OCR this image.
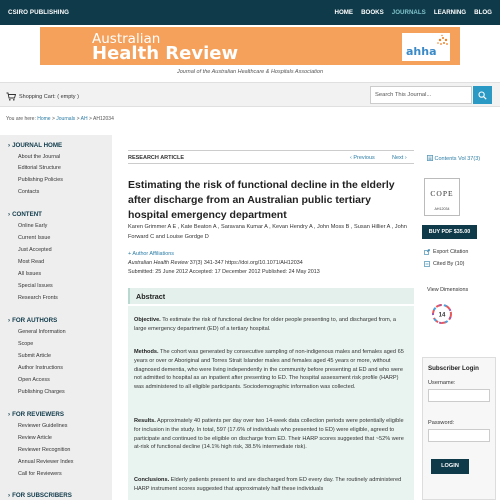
CSIRO PUBLISHING	HOME BOOKS JOURNALS LEARNING BLOG
Australian
Health Review	ahha
Journal of the Australian Healthcare & Hospitals Association
Shopping Cart: ( empty )	Search This Journal...
You are here: Home > Journals > AH > AH12034
› JOURNAL HOME
About the Journal
Editorial Structure
Publishing Policies
Contacts
› CONTENT
Online Early
Current Issue
Just Accepted
Most Read
All Issues
Special Issues
Research Fronts
› FOR AUTHORS
General Information
Scope
Submit Article
Author Instructions
Open Access
Publishing Charges
› FOR REVIEWERS
Reviewer Guidelines
Review Article
Reviewer Recognition
Annual Reviewer Index
Call for Reviewers
› FOR SUBSCRIBERS
RESEARCH ARTICLE	‹ Previous	Next ›	Contents Vol 37(3)
Estimating the risk of functional decline in the elderly after discharge from an Australian public tertiary hospital emergency department
Karen Grimmer A E , Kate Beaton A , Saravana Kumar A , Kevan Hendry A , John Moss B , Susan Hillier A , John Forward C and Louise Gordge D
+ Author Affiliations
Australian Health Review 37(3) 341-347 https://doi.org/10.1071/AH12034
Submitted: 25 June 2012 Accepted: 17 December 2012 Published: 24 May 2013
Abstract

Objective. To estimate the risk of functional decline for older people presenting to, and discharged from, a large emergency department (ED) of a tertiary hospital.

Methods. The cohort was generated by consecutive sampling of non-indigenous males and females aged 65 years or over or Aboriginal and Torres Strait Islander males and females aged 45 years or more, without diagnosed dementia, who were living independently in the community before presenting at ED and who were not admitted to hospital as an inpatient after presenting to ED. The hospital assessment risk profile (HARP) was administered to all eligible participants. Sociodemographic information was collected.

Results. Approximately 40 patients per day over two 14-week data collection periods were potentially eligible for inclusion in the study. In total, 597 (17.6% of individuals who presented to ED) were eligible, agreed to participate and continued to be eligible on discharge from ED. Their HARP scores suggested that ~52% were at-risk of functional decline (14.1% high risk, 38.5% intermediate risk).

Conclusions. Elderly patients present to and are discharged from ED every day. The routinely administered HARP instrument scores suggested that approximately half these individuals

COPE
AH12034
BUY PDF $35.00
Export Citation
Cited By (10)
View Dimensions
14
Subscriber Login
Username:
Password:
LOGIN
